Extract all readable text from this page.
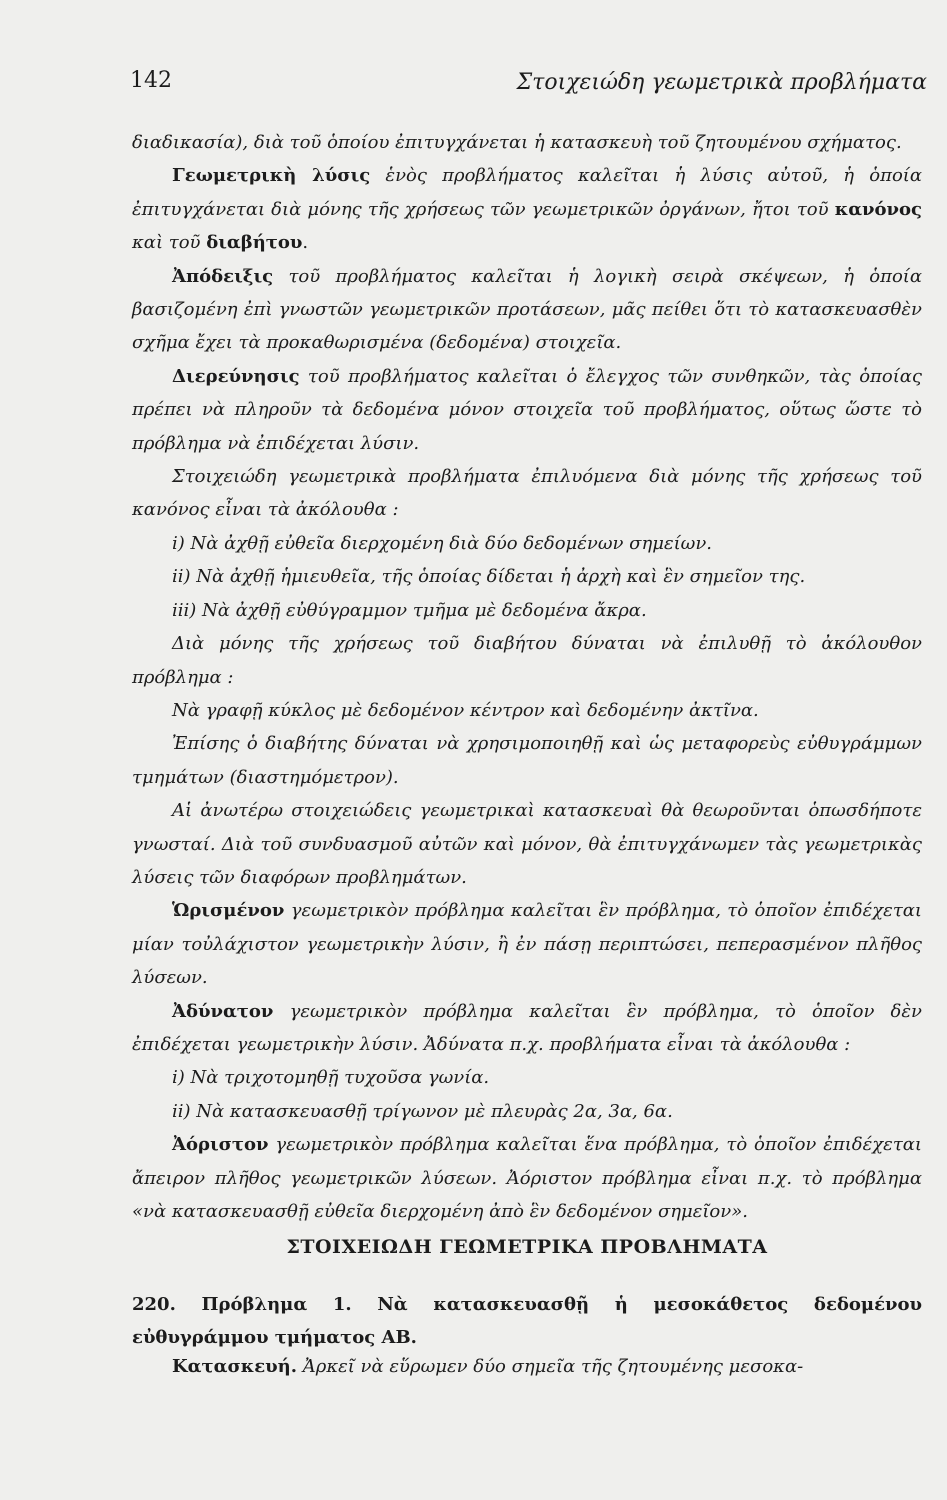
142	Στοιχειώδη γεωμετρικὰ προβλήματα

διαδικασία), διὰ τοῦ ὁποίου ἐπιτυγχάνεται ἡ κατασκευὴ τοῦ ζητουμένου σχήματος.

Γεωμετρικὴ λύσις ἑνὸς προβλήματος καλεῖται ἡ λύσις αὐτοῦ, ἡ ὁποία ἐπιτυγχάνεται διὰ μόνης τῆς χρήσεως τῶν γεωμετρικῶν ὀργάνων, ἤτοι τοῦ κανόνος καὶ τοῦ διαβήτου.

Ἀπόδειξις τοῦ προβλήματος καλεῖται ἡ λογικὴ σειρὰ σκέψεων, ἡ ὁποία βασιζομένη ἐπὶ γνωστῶν γεωμετρικῶν προτάσεων, μᾶς πείθει ὅτι τὸ κατασκευασθὲν σχῆμα ἔχει τὰ προκαθωρισμένα (δεδομένα) στοιχεῖα.

Διερεύνησις τοῦ προβλήματος καλεῖται ὁ ἔλεγχος τῶν συνθηκῶν, τὰς ὁποίας πρέπει νὰ πληροῦν τὰ δεδομένα μόνον στοιχεῖα τοῦ προβλήματος, οὕτως ὥστε τὸ πρόβλημα νὰ ἐπιδέχεται λύσιν.

Στοιχειώδη γεωμετρικὰ προβλήματα ἐπιλυόμενα διὰ μόνης τῆς χρήσεως τοῦ κανόνος εἶναι τὰ ἀκόλουθα :

i) Νὰ ἀχθῇ εὐθεῖα διερχομένη διὰ δύο δεδομένων σημείων.

ii) Νὰ ἀχθῇ ἡμιευθεῖα, τῆς ὁποίας δίδεται ἡ ἀρχὴ καὶ ἓν σημεῖον της.

iii) Νὰ ἀχθῇ εὐθύγραμμον τμῆμα μὲ δεδομένα ἄκρα.

Διὰ μόνης τῆς χρήσεως τοῦ διαβήτου δύναται νὰ ἐπιλυθῇ τὸ ἀκόλουθον πρόβλημα :

Νὰ γραφῇ κύκλος μὲ δεδομένον κέντρον καὶ δεδομένην ἀκτῖνα.

Ἐπίσης ὁ διαβήτης δύναται νὰ χρησιμοποιηθῇ καὶ ὡς μεταφορεὺς εὐθυγράμμων τμημάτων (διαστημόμετρον).

Αἱ ἀνωτέρω στοιχειώδεις γεωμετρικαὶ κατασκευαὶ θὰ θεωροῦνται ὁπωσδήποτε γνωσταί. Διὰ τοῦ συνδυασμοῦ αὐτῶν καὶ μόνον, θὰ ἐπιτυγχάνωμεν τὰς γεωμετρικὰς λύσεις τῶν διαφόρων προβλημάτων.

Ὡρισμένον γεωμετρικὸν πρόβλημα καλεῖται ἓν πρόβλημα, τὸ ὁποῖον ἐπιδέχεται μίαν τοὐλάχιστον γεωμετρικὴν λύσιν, ἢ ἐν πάσῃ περιπτώσει, πεπερασμένον πλῆθος λύσεων.

Ἀδύνατον γεωμετρικὸν πρόβλημα καλεῖται ἓν πρόβλημα, τὸ ὁποῖον δὲν ἐπιδέχεται γεωμετρικὴν λύσιν. Ἀδύνατα π.χ. προβλήματα εἶναι τὰ ἀκόλουθα :

i) Νὰ τριχοτομηθῇ τυχοῦσα γωνία.

ii) Νὰ κατασκευασθῇ τρίγωνον μὲ πλευρὰς 2α, 3α, 6α.

Ἀόριστον γεωμετρικὸν πρόβλημα καλεῖται ἕνα πρόβλημα, τὸ ὁποῖον ἐπιδέχεται ἄπειρον πλῆθος γεωμετρικῶν λύσεων. Ἀόριστον πρόβλημα εἶναι π.χ. τὸ πρόβλημα «νὰ κατασκευασθῇ εὐθεῖα διερχομένη ἀπὸ ἓν δεδομένον σημεῖον».

ΣΤΟΙΧΕΙΩΔΗ ΓΕΩΜΕΤΡΙΚΑ ΠΡΟΒΛΗΜΑΤΑ

220. Πρόβλημα 1. Νὰ κατασκευασθῇ ἡ μεσοκάθετος δεδομένου εὐθυγράμμου τμήματος ΑΒ.

Κατασκευή. Ἀρκεῖ νὰ εὕρωμεν δύο σημεῖα τῆς ζητουμένης μεσοκα-
